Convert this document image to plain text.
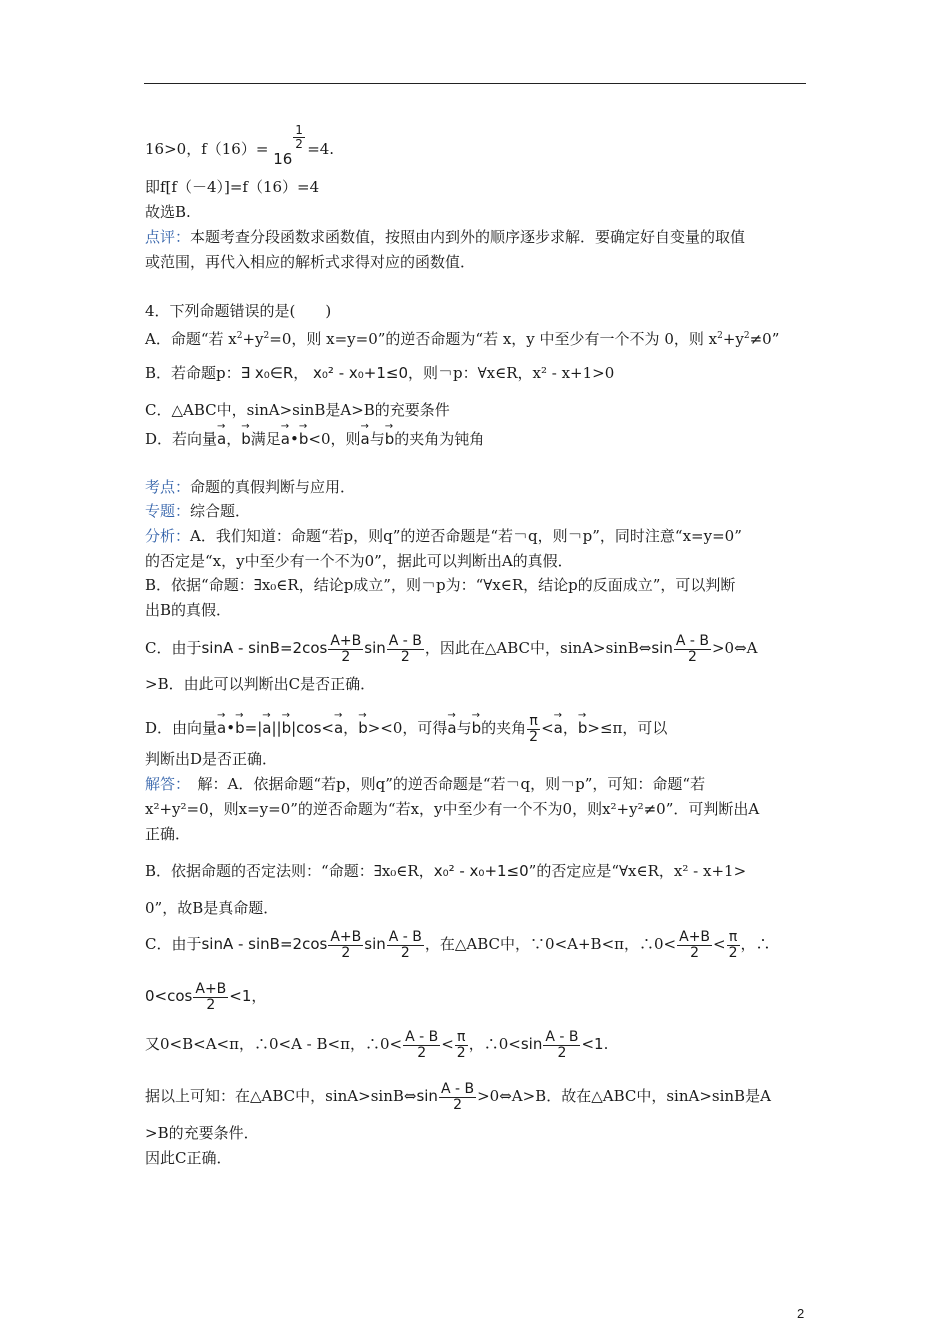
16>0，f（16）=
16
$\frac{1}{2} =4$.
即f[f（－4）]=f（16）=4
故选B.
点评：本题考查分段函数求函数值，按照由内到外的顺序逐步求解．要确定好自变量的取值
或范围，再代入相应的解析式求得对应的函数值．
4．下列命题错误的是(　　)
A．命题“若 $x^2+y^2=0$，则 x=y=0”的逆否命题为“若 x，y 中至少有一个不为 0，则 $x^2+y^2\ne 0$”
B．若命题p：∃ x₀∈R， x₀² - x₀+1≤0，则￢p：∀x∈R，x² - x+1>0
C．△ABC中，sinA>sinB是A>B的充要条件
D．若向量→ a，→ b满足→ a•→ b<0，则→ a与→ b的夹角为钝角
考点：命题的真假判断与应用．
专题：综合题．
分析：A．我们知道：命题“若p，则q”的逆否命题是“若￢q，则￢p”，同时注意“x=y=0”
的否定是“x，y中至少有一个不为0”，据此可以判断出A的真假．
B．依据“命题：∃x₀∈R，结论p成立”，则￢p为：“∀x∈R，结论p的反面成立”，可以判断
出B的真假．
C．由于$\sin A - \sin B=2\cos \frac{A+B}{2}$ $\sin \frac{A - B}{2}$ ，因此在△ABC中，sinA>sinB⇔sin $\frac{A - B}{2}$ >0⇔A
>B．由此可以判断出C是否正确．
D．由向量→ a•→ b=|→ a||→ b|cos<→ a，→ b><0，可得→ a与→ b的夹角 $\frac{\pi}{2} <\to a$，→ b>≤π，可以
判断出D是否正确．
解答：　解：A．依据命题“若p，则q”的逆否命题是“若￢q，则￢p”，可知：命题“若
x²+y²=0，则x=y=0”的逆否命题为“若x，y中至少有一个不为0，则x²+y²≠0”．可判断出A
正确．
B．依据命题的否定法则：“命题：∃x₀∈R，x₀² - x₀+1≤0”的否定应是“∀x∈R，x² - x+1>
0”，故B是真命题．
C．由于$\sin A - \sin B=2\cos \frac{A+B}{2}$ $\sin \frac{A - B}{2}$ ，在△ABC中，∵0<A+B<π，∴0< $\frac{A+B}{2} < \frac{\pi}{2}$ ，∴
$0<\cos \frac{A+B}{2} <1$，
又0<B<A<π，∴0<A - B<π，∴0< $\frac{A - B}{2} < \frac{\pi}{2}$ ，∴0<sin $\frac{A - B}{2} <1$.
据以上可知：在△ABC中，sinA>sinB⇔sin $\frac{A - B}{2}$ >0⇔A>B．故在△ABC中，sinA>sinB是A
>B的充要条件．
因此C正确．
2
